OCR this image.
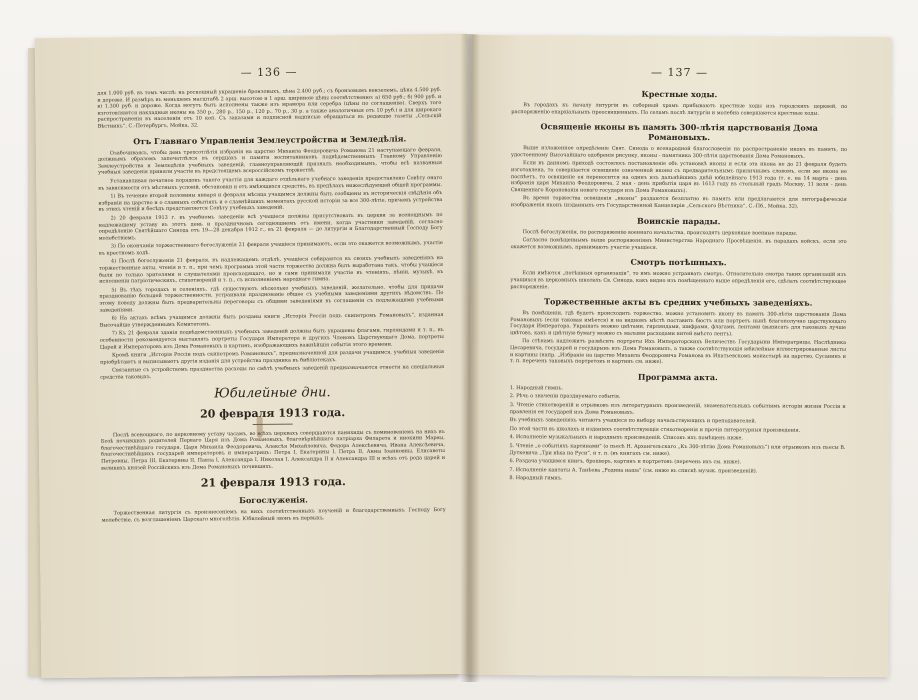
— 136 —

для 1.000 руб. въ томъ числѣ: на роскошный украшеніе бронзовыхъ, цѣна 2.400 руб.; съ бронзовымъ вензелемъ, цѣна 4.500 руб. и дороже. И размѣръ въ меньшемъ масштабѣ 2 арш. высотою и 1 арш. шириною цѣны соотвѣтственно: а) 650 руб.; б) 900 руб. и в) 1.300 руб. и дороже. Когда могутъ быть исполнены также изъ мрамора или серебра (цѣны по соглашенію). Сверхъ того изготовляются накладныя иконы на 350 р., 280 р., 150 р., 120 р., 70 р., 30 р. а также аналогичныя отъ 10 руб.) и для широкаго распространенія въ населеніи отъ 10 коп. Съ заказами и подписной надписью обращаться въ редакцію газеты „Сельскій Вѣстникъ“, С.-Петербургъ, Мойка, 32.

Отъ Главнаго Управленія Землеустройства и Земледѣлія.

Озабочиваясь, чтобы день трехсотлѣтія избранія на царство Михаила Феодоровича Романова 21 наступающаго февраля, должнымъ образомъ запечатлѣлся въ сердцахъ и памяти воспитанниковъ подвѣдомственныхъ Главному Управленію Землеустройства и Земледѣлія учебныхъ заведеній, главноуправляющій призналъ необходимымъ, чтобы всѣ названныя учебныя заведенія приняли участіе въ предстоящемъ всероссійскомъ торжествѣ.

Устанавливая печатное порядокъ такого участія для каждаго отдѣльнаго учебнаго заведенія предоставлено Совѣту онаго въ зависимости отъ мѣстныхъ условій, обстановки и отъ имѣющихся средствъ, въ предѣлахъ нижеслѣдующей общей программы.

1) Въ течение второй половины января и февраля мѣсяца учащимся должны быть сообщены въ историческія свѣдѣнія объ избраніи на царство и о славныхъ событіяхъ и о славнѣйшихъ моментахъ русской исторіи за все 300-лѣтіе, причемъ устройства въ этихъ чтеній и бесѣдъ представляется Совѣту учебныхъ заведеній.

2) 20 февраля 1913 г. въ учебномъ заведеніи всѣ учащіеся должны присутствовать въ церкви за всенощнымъ по надлежащему уставу въ этотъ день и праздничномъ сегодняшнемъ отъ имени, когда участники заведеній, согласно опредѣленію Святѣйшаго Синода отъ 19—28 декабря 1912 г., въ 21 февраля — до литургіи и Благодарственный Господу Богу молебствіемъ.

3) По окончаніи торжественнаго богослуженія 21 февраля учащіеся принимаютъ, если это окажется возможнымъ, участіе въ крестномъ ходѣ.

4) Послѣ богослуженія 21 февраля, въ надлежащемъ отдѣлѣ, учащіеся собираются въ своихъ учебныхъ заведеніяхъ на торжественные акты, чтенія и т. п., при чемъ программа этой части торжества должна быть выработана такъ, чтобы учащіеся были по только зрителями и слушателями происходящаго, но и сами принимали участіе въ чтеніяхъ, пѣніи, музыкѣ, въ исполненіи патріотическихъ, стихотвореній и т. п., съ исполненіемъ народнаго гимна.

5) Въ тѣхъ городахъ и селеніяхъ, гдѣ существуютъ нѣсколько учебныхъ заведеній, желательно, чтобы для придачи празднованію большей торжественности, устраивали празднованіе общее съ учебными заведеніями другихъ вѣдомствъ. По этому поводу должны быть предварительны переговоры съ общими заведеніями въ соглашеніи съ подлежащими учебными заведеніями.

6) На актахъ всѣмъ учащимся должны быть розданы книги „Исторія Россіи подъ скипетромъ Романовыхъ“, изданная Высочайше утвержденнымъ Комитетомъ.

7) Къ 21 февраля зданія подвѣдомственныхъ учебныхъ заведеній должны быть украшены флагами, гирляндами и т. п., въ особенности рекомендуется выставлять портреты Государя Императора и другихъ Членовъ Царствующаго Дома, портреты Царей и Императоровъ изъ Дома Романовыхъ и картинъ, изображающихъ важнѣйшія событія этого времени.

Кромѣ книги „Исторія Россіи подъ скипетромъ Романовыхъ“, предназначенной для раздачи учащимся, учебныя заведенія пріобрѣтаютъ и выписываютъ другія изданія для устройства праздника въ библіотекахъ.

Связанные съ устройствомъ празднества расходы по смѣтѣ учебныхъ заведеній предназначаются отнести на спеціальныя средства таковыхъ.

Юбилейные дни.
20 февраля 1913 года.

Послѣ всенощнаго, по церковному уставу часамъ, во всѣхъ церквахъ совершаются панихиды съ поминовеніемъ на нихъ въ Бозѣ почившихъ родителей Перваго Царя изъ Дома Романовыхъ, благовѣрнѣйшаго патріарха Филарета и инокини Марѳы, благочестивѣйшаго государя, Царя Михаила Феодоровича, Алексѣя Михайловича, Федора Алексѣевича, Ивана Алексѣевича, благочестивѣйшихъ государей императоровъ и императрицъ: Петра I, Екатерины I, Петра II, Анны Іоанновны, Елисаветы Петровны, Петра III, Екатерины II, Павла I, Александра I, Николая I, Александра II и Александра III и всѣхъ отъ рода царей и великихъ князей Россійскихъ изъ Дома Романовыхъ почившихъ.

21 февраля 1913 года.
Богослуженія.

Торжественная литургія съ произнесеніемъ на нихъ соотвѣтственныхъ поученій и благодарственныхъ Господу Богу молебствіе, съ возглашеніемъ Царскаго многолѣтія. Юбилейный звонъ въ первыхъ.

— 137 —
Крестные ходы.

Въ городахъ къ началу литургіи въ соборный храмъ прибываютъ крестные ходы изъ городскихъ церквей, по распоряженію епархіальныхъ преосвященныхъ. По селамъ послѣ литургіи и молебна совершаются крестные ходы.

Освященіе иконы въ память 300-лѣтія царствованія Дома Романовыхъ.

Выше изложенное опредѣленіе Свят. Синода о всенародной благословенія на распространеніе иконъ въ память, по удостоенному Высочайшаго одобренія рисунку, иконы - памятника 300-лѣтія царствованія Дома Романовыхъ.

Если въ данномъ приходѣ состоялось постановленіе объ установкѣ иконы и если эта икона не до 21 февраля будетъ изготовлена, то совершается освященіе означенной иконы съ предварительнымъ приличнымъ словомъ, если же икона не поспѣетъ, то освященіе ея переносится на одинъ изъ дальнѣйшихъ днѣй юбилейнаго 1913 года (т. е. на 14 марта - день избранія царя Михаила Феодоровича, 2 мая - день прибытія царя въ 1613 году въ стольный градъ Москву, 11 іюля - день Священнаго Коронованія новаго государя изъ Дома Романовыхъ).

Въ время торжества освященія „иконы“ раздаются безплатно въ память или предлагаются для литографическія изображенія иконъ (изданныхъ отъ Государственной Канцеляріи „Сельского Вѣстника“, С.-Пб., Мойка, 32).

Воинскіе парады.

Послѣ богослуженія, по распоряженію военнаго начальства, происходятъ церковные военные парады.

Согласно помѣщеннымъ выше распоряженіямъ Министерства Народнаго Просвѣщенія, въ парадахъ войскъ, если это окажется возможнымъ, принимаютъ участіе учащіеся.

Смотръ потѣшныхъ.

Если имѣются „потѣшныя организаціи“, то имъ можно устраивать смотръ. Относительно смотра таких организацій изъ учащихся въ церковныхъ школахъ Св. Синода, какъ видно изъ помѣщеннаго выше опредѣленія его, сдѣлать соотвѣтствующее распоряженіе.

Торжественные акты въ средних учебныхъ заведеніяхъ.

Въ помѣщеніи, гдѣ будетъ происходить торжество, можно установить икону въ память 300-лѣтія царствованія Дома Романовыхъ (если таковая имѣется) и на видномъ мѣстѣ поставить бюстъ или портретъ нынѣ благополучно царствующаго Государя Императора. Украшать можно цвѣтами, гирляндами, шифрами, флагами, лентами (выписать для таковыхъ лучше цвѣтовъ, какъ и цвѣтную бумагу можно съ малыми расходами нитей вмѣсто лентъ).

По стѣнамъ надлежитъ развѣсить портреты Ихъ Императорскихъ Величествъ Государыни Императрицы, Наслѣдника Цесаревича, государей и государынь изъ Дома Романовыхъ, а также соотвѣтствующія юбилейные иллюстрированные листы и картины (напр. „Избраніе на царство Михаила Феодоровича Романова въ Ипатьевскомъ монастырѣ на царство, Сусанинъ и т. п. перечень таковыхъ портретовъ и картинъ см. ниже).

Программа акта.

1. Народный гимнъ.

2. Рѣчь о значеніи празднуемаго событія.

3. Чтеніе стихотвореній и отрывковъ изъ литературныхъ произведеній, знаменательныхъ событіямъ исторіи жизни Россіи и правленія ея государей изъ Дома Романовыхъ.

Въ учебныхъ заведеніяхъ читаютъ учащіеся по выбору начальствующихъ и преподавателей.

По этой части въ школахъ и изданіяхъ соотвѣтствующія стихотворенія и прочія литературныя произведенія.

4. Исполненіе музыкальныхъ и народныхъ произведеній. Списокъ ихъ помѣщенъ ниже.

5. Чтеніе „о событіяхъ картинами“ (о пьесѣ Н. Архангельскаго „Къ 300-лѣтію Дома Романовыхъ“) или отрывковъ изъ пьесы В. Дуткевича „Три вѣка на Руси“, и т. п. (въ книгахъ см. ниже).

6. Раздача учащимся книгъ, брошюръ, картинъ и портретовъ (перечень ихъ см. ниже).

7. Исполненіе кантаты А. Танѣева „Родина наша“ (см. ниже въ спискѣ музык. произведеній).

8. Народный гимнъ.
